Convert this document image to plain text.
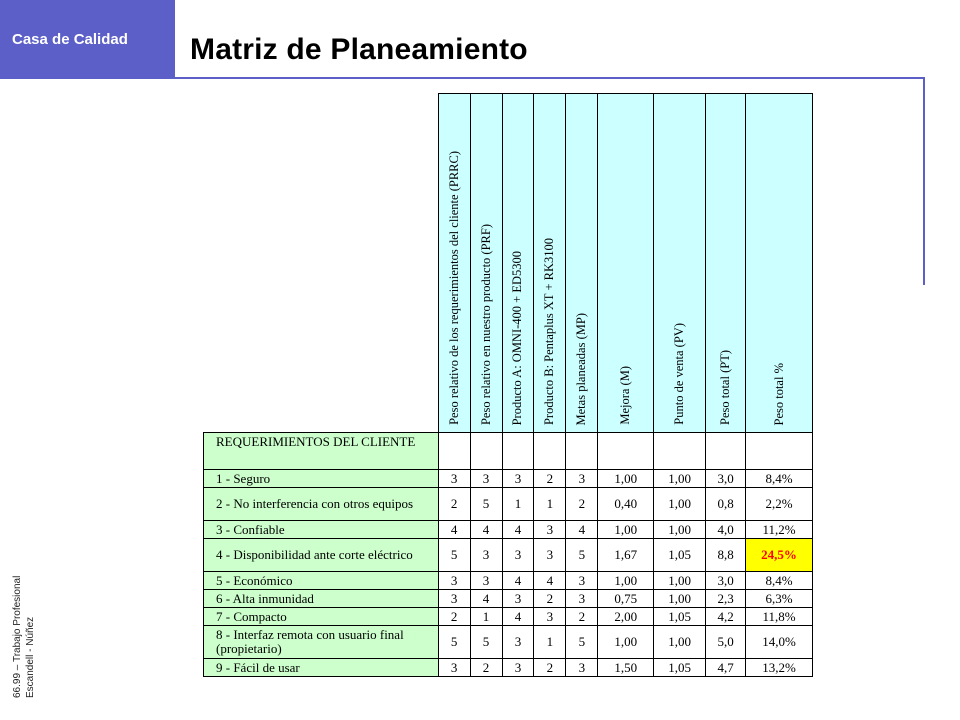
Casa de Calidad Matriz de Planeamiento
66.99 – Trabajo Profesional Escandell - Núñez
	Peso relativo de los requerimientos del cliente (PRRC)	Peso relativo en nuestro producto (PRF)	Producto A: OMNI-400 + ED5300	Producto B: Pentaplus XT + RK3100	Metas planeadas (MP)	Mejora (M)	Punto de venta (PV)	Peso total (PT)	Peso total %
REQUERIMIENTOS DEL CLIENTE									
1 - Seguro	3	3	3	2	3	1,00	1,00	3,0	8,4%
2 - No interferencia con otros equipos	2	5	1	1	2	0,40	1,00	0,8	2,2%
3 - Confiable	4	4	4	3	4	1,00	1,00	4,0	11,2%
4 - Disponibilidad ante corte eléctrico	5	3	3	3	5	1,67	1,05	8,8	24,5%
5 - Económico	3	3	4	4	3	1,00	1,00	3,0	8,4%
6 - Alta inmunidad	3	4	3	2	3	0,75	1,00	2,3	6,3%
7 - Compacto	2	1	4	3	2	2,00	1,05	4,2	11,8%
8 - Interfaz remota con usuario final (propietario)	5	5	3	1	5	1,00	1,00	5,0	14,0%
9 - Fácil de usar	3	2	3	2	3	1,50	1,05	4,7	13,2%
